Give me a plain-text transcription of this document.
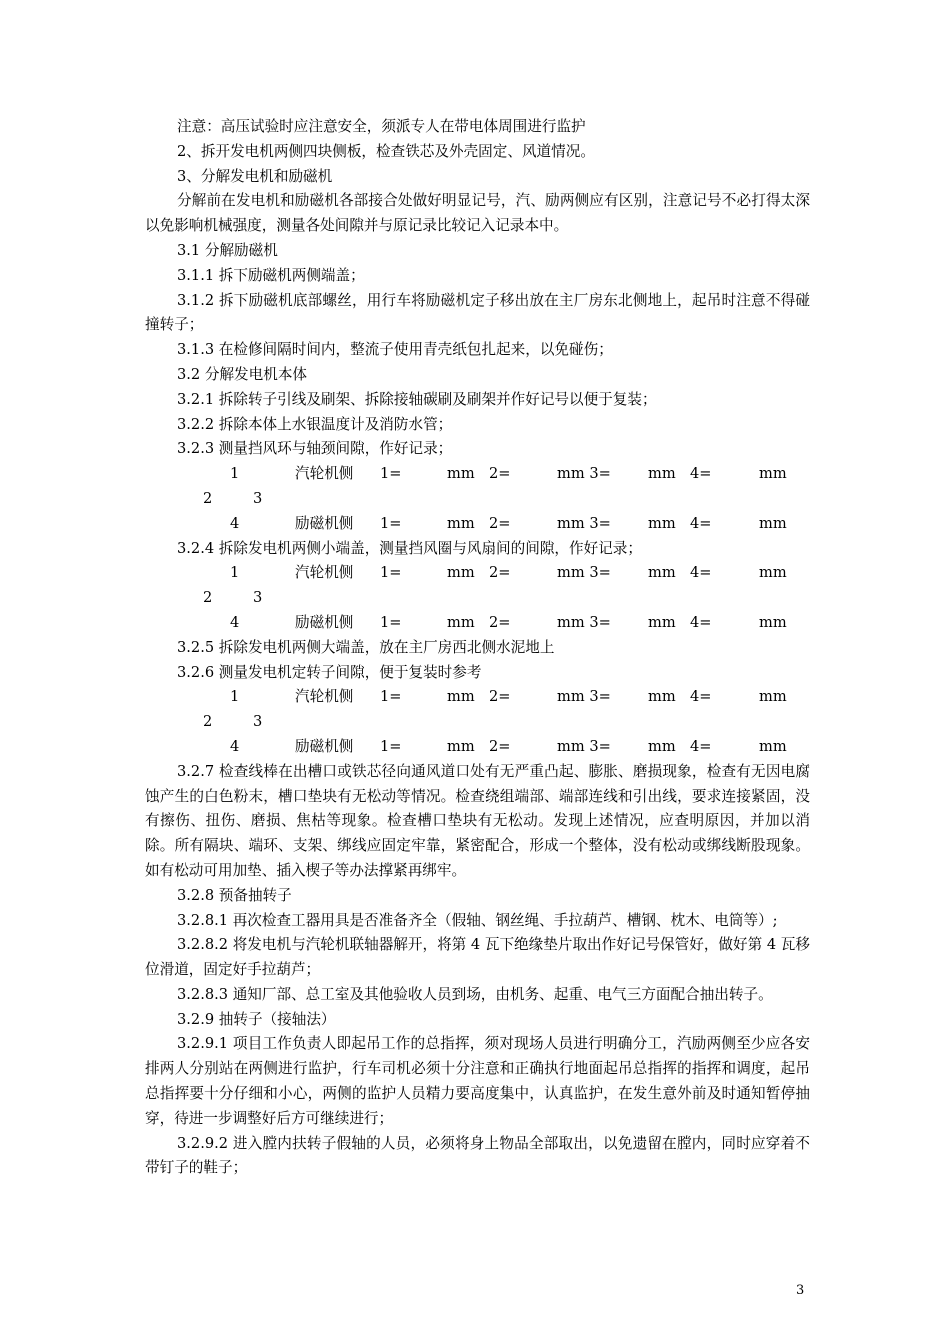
注意：高压试验时应注意安全，须派专人在带电体周围进行监护

2、拆开发电机两侧四块侧板，检查铁芯及外壳固定、风道情况。

3、分解发电机和励磁机

分解前在发电机和励磁机各部接合处做好明显记号，汽、励两侧应有区别，注意记号不必打得太深以免影响机械强度，测量各处间隙并与原记录比较记入记录本中。

3.1 分解励磁机

3.1.1 拆下励磁机两侧端盖；

3.1.2 拆下励磁机底部螺丝，用行车将励磁机定子移出放在主厂房东北侧地上，起吊时注意不得碰撞转子；

3.1.3 在检修间隔时间内，整流子使用青壳纸包扎起来，以免碰伤；

3.2 分解发电机本体

3.2.1 拆除转子引线及刷架、拆除接轴碳刷及刷架并作好记号以便于复装；

3.2.2 拆除本体上水银温度计及消防水管；

3.2.3 测量挡风环与轴颈间隙，作好记录；

1	汽轮机侧 1=	mm 2=	mm 3=	mm 4=	mm
2	3
4	励磁机侧 1=	mm 2=	mm 3=	mm 4=	mm

3.2.4 拆除发电机两侧小端盖，测量挡风圈与风扇间的间隙，作好记录；

1	汽轮机侧 1=	mm 2=	mm 3=	mm 4=	mm
2	3
4	励磁机侧 1=	mm 2=	mm 3=	mm 4=	mm

3.2.5 拆除发电机两侧大端盖，放在主厂房西北侧水泥地上

3.2.6 测量发电机定转子间隙，便于复装时参考

1	汽轮机侧 1=	mm 2=	mm 3=	mm 4=	mm
2	3
4	励磁机侧 1=	mm 2=	mm 3=	mm 4=	mm

3.2.7 检查线棒在出槽口或铁芯径向通风道口处有无严重凸起、膨胀、磨损现象，检查有无因电腐蚀产生的白色粉末，槽口垫块有无松动等情况。检查绕组端部、端部连线和引出线，要求连接紧固，没有擦伤、扭伤、磨损、焦枯等现象。检查槽口垫块有无松动。发现上述情况，应查明原因，并加以消除。所有隔块、端环、支架、绑线应固定牢靠，紧密配合，形成一个整体，没有松动或绑线断股现象。如有松动可用加垫、插入楔子等办法撑紧再绑牢。

3.2.8 预备抽转子

3.2.8.1 再次检查工器用具是否准备齐全（假轴、钢丝绳、手拉葫芦、槽钢、枕木、电筒等）;

3.2.8.2 将发电机与汽轮机联轴器解开，将第 4 瓦下绝缘垫片取出作好记号保管好，做好第 4 瓦移位滑道，固定好手拉葫芦；

3.2.8.3 通知厂部、总工室及其他验收人员到场，由机务、起重、电气三方面配合抽出转子。

3.2.9 抽转子（接轴法）

3.2.9.1 项目工作负责人即起吊工作的总指挥，须对现场人员进行明确分工，汽励两侧至少应各安排两人分别站在两侧进行监护，行车司机必须十分注意和正确执行地面起吊总指挥的指挥和调度，起吊总指挥要十分仔细和小心，两侧的监护人员精力要高度集中，认真监护，在发生意外前及时通知暂停抽穿，待进一步调整好后方可继续进行；

3.2.9.2 进入膛内扶转子假轴的人员，必须将身上物品全部取出，以免遗留在膛内，同时应穿着不带钉子的鞋子；

3
